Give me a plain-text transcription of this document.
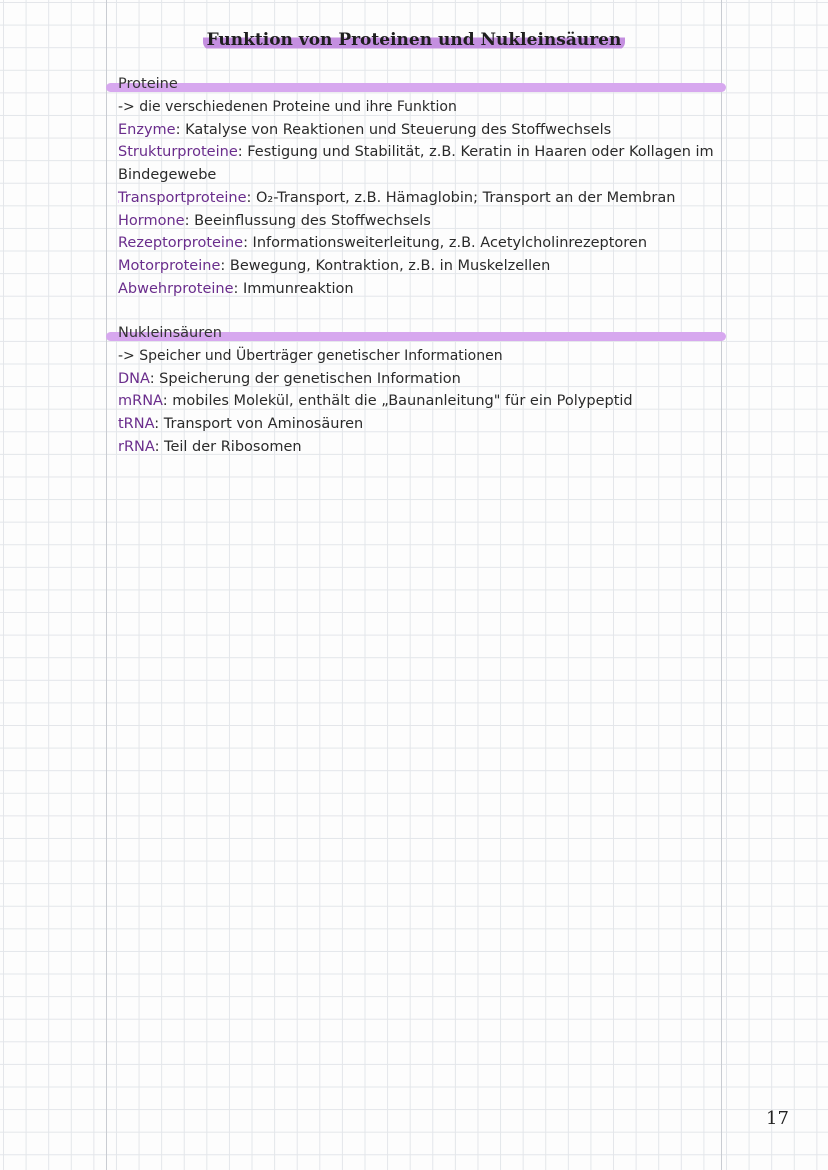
Funktion von Proteinen und Nukleinsäuren
Proteine
-> die verschiedenen Proteine und ihre Funktion
Enzyme: Katalyse von Reaktionen und Steuerung des Stoffwechsels
Strukturproteine: Festigung und Stabilität, z.B. Keratin in Haaren oder Kollagen im
Bindegewebe
Transportproteine: O₂-Transport, z.B. Hämaglobin; Transport an der Membran
Hormone: Beeinflussung des Stoffwechsels
Rezeptorproteine: Informationsweiterleitung, z.B. Acetylcholinrezeptoren
Motorproteine: Bewegung, Kontraktion, z.B. in Muskelzellen
Abwehrproteine: Immunreaktion
Nukleinsäuren
-> Speicher und Überträger genetischer Informationen
DNA: Speicherung der genetischen Information
mRNA: mobiles Molekül, enthält die „Baunanleitung" für ein Polypeptid
tRNA: Transport von Aminosäuren
rRNA: Teil der Ribosomen
17
